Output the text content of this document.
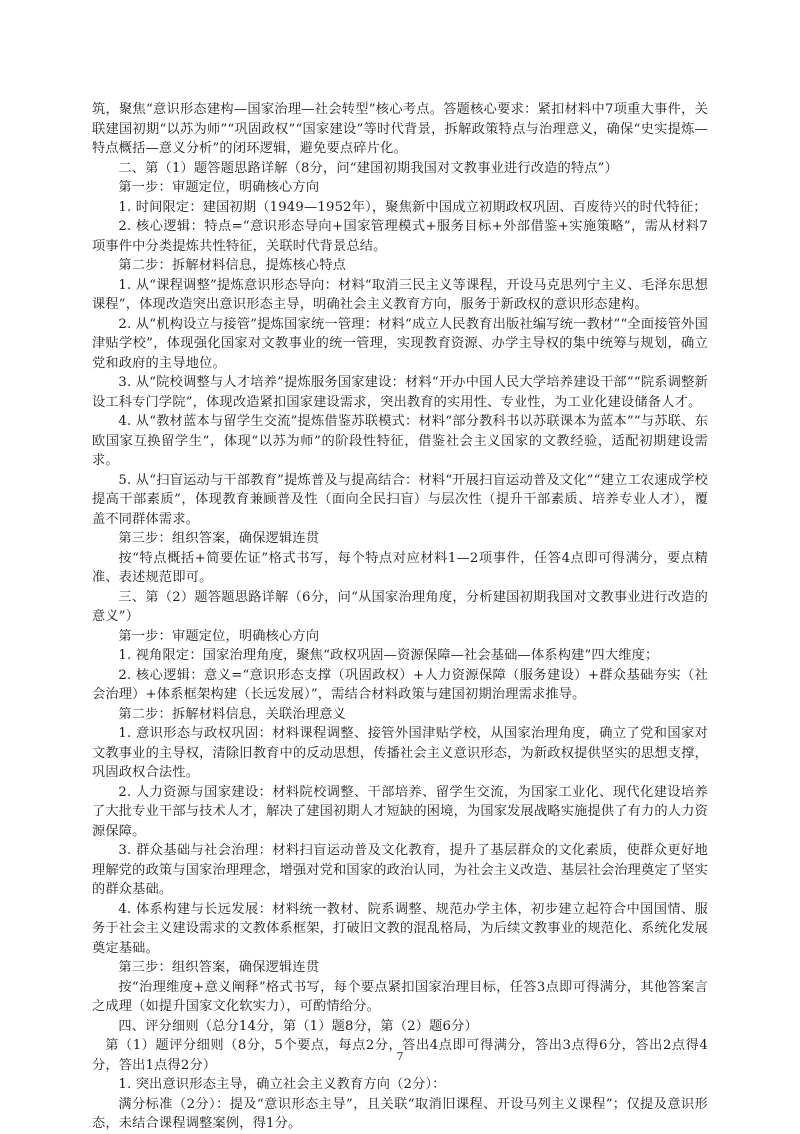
筑，聚焦“意识形态建构—国家治理—社会转型”核心考点。答题核心要求：紧扣材料中7项重大事件，关联建国初期“以苏为师”“巩固政权”“国家建设”等时代背景，拆解政策特点与治理意义，确保“史实提炼—特点概括—意义分析”的闭环逻辑，避免要点碎片化。

二、第（1）题答题思路详解（8分，问“建国初期我国对文教事业进行改造的特点”）

第一步：审题定位，明确核心方向

1. 时间限定：建国初期（1949—1952年），聚焦新中国成立初期政权巩固、百废待兴的时代特征；

2. 核心逻辑：特点=“意识形态导向+国家管理模式+服务目标+外部借鉴+实施策略”，需从材料7项事件中分类提炼共性特征，关联时代背景总结。

第二步：拆解材料信息，提炼核心特点

1. 从“课程调整”提炼意识形态导向：材料“取消三民主义等课程，开设马克思列宁主义、毛泽东思想课程”，体现改造突出意识形态主导，明确社会主义教育方向，服务于新政权的意识形态建构。

2. 从“机构设立与接管”提炼国家统一管理：材料“成立人民教育出版社编写统一教材”“全面接管外国津贴学校”，体现强化国家对文教事业的统一管理，实现教育资源、办学主导权的集中统筹与规划，确立党和政府的主导地位。

3. 从“院校调整与人才培养”提炼服务国家建设：材料“开办中国人民大学培养建设干部”“院系调整新设工科专门学院”，体现改造紧扣国家建设需求，突出教育的实用性、专业性，为工业化建设储备人才。

4. 从“教材蓝本与留学生交流”提炼借鉴苏联模式：材料“部分教科书以苏联课本为蓝本”“与苏联、东欧国家互换留学生”，体现“以苏为师”的阶段性特征，借鉴社会主义国家的文教经验，适配初期建设需求。

5. 从“扫盲运动与干部教育”提炼普及与提高结合：材料“开展扫盲运动普及文化”“建立工农速成学校提高干部素质”，体现教育兼顾普及性（面向全民扫盲）与层次性（提升干部素质、培养专业人才），覆盖不同群体需求。

第三步：组织答案，确保逻辑连贯

按“特点概括+简要佐证”格式书写，每个特点对应材料1—2项事件，任答4点即可得满分，要点精准、表述规范即可。

三、第（2）题答题思路详解（6分，问“从国家治理角度，分析建国初期我国对文教事业进行改造的意义”）

第一步：审题定位，明确核心方向

1. 视角限定：国家治理角度，聚焦“政权巩固—资源保障—社会基础—体系构建”四大维度；

2. 核心逻辑：意义=“意识形态支撑（巩固政权）+人力资源保障（服务建设）+群众基础夯实（社会治理）+体系框架构建（长远发展）”，需结合材料政策与建国初期治理需求推导。

第二步：拆解材料信息，关联治理意义

1. 意识形态与政权巩固：材料课程调整、接管外国津贴学校，从国家治理角度，确立了党和国家对文教事业的主导权，清除旧教育中的反动思想，传播社会主义意识形态，为新政权提供坚实的思想支撑，巩固政权合法性。

2. 人力资源与国家建设：材料院校调整、干部培养、留学生交流，为国家工业化、现代化建设培养了大批专业干部与技术人才，解决了建国初期人才短缺的困境，为国家发展战略实施提供了有力的人力资源保障。

3. 群众基础与社会治理：材料扫盲运动普及文化教育，提升了基层群众的文化素质，使群众更好地理解党的政策与国家治理理念，增强对党和国家的政治认同，为社会主义改造、基层社会治理奠定了坚实的群众基础。

4. 体系构建与长远发展：材料统一教材、院系调整、规范办学主体，初步建立起符合中国国情、服务于社会主义建设需求的文教体系框架，打破旧文教的混乱格局，为后续文教事业的规范化、系统化发展奠定基础。

第三步：组织答案，确保逻辑连贯

按“治理维度+意义阐释”格式书写，每个要点紧扣国家治理目标，任答3点即可得满分，其他答案言之成理（如提升国家文化软实力），可酌情给分。

四、评分细则（总分14分，第（1）题8分，第（2）题6分）

第（1）题评分细则（8分，5个要点，每点2分，答出4点即可得满分，答出3点得6分，答出2点得4分，答出1点得2分）

1. 突出意识形态主导，确立社会主义教育方向（2分）：

满分标准（2分）：提及“意识形态主导”，且关联“取消旧课程、开设马列主义课程”；仅提及意识形态，未结合课程调整案例，得1分。

7
